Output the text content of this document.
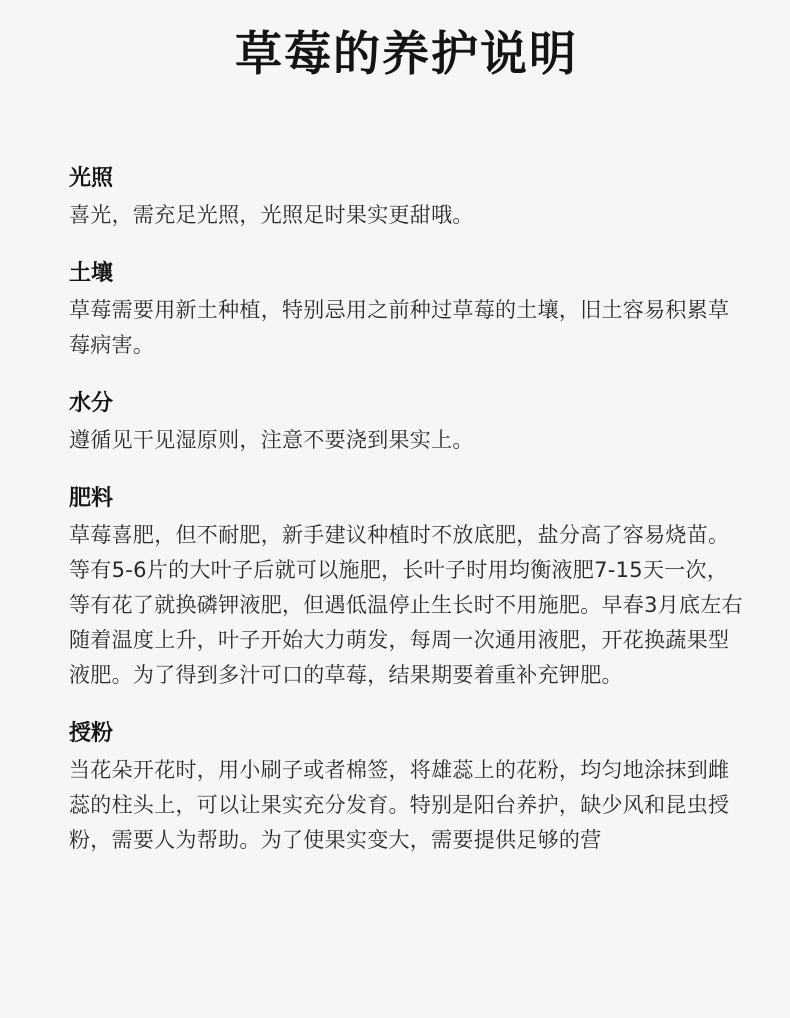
草莓的养护说明
光照

喜光，需充足光照，光照足时果实更甜哦。

土壤

草莓需要用新土种植，特别忌用之前种过草莓的土壤，旧土容易积累草莓病害。

水分

遵循见干见湿原则，注意不要浇到果实上。

肥料

草莓喜肥，但不耐肥，新手建议种植时不放底肥，盐分高了容易烧苗。等有5-6片的大叶子后就可以施肥，长叶子时用均衡液肥7-15天一次，等有花了就换磷钾液肥，但遇低温停止生长时不用施肥。早春3月底左右随着温度上升，叶子开始大力萌发，每周一次通用液肥，开花换蔬果型液肥。为了得到多汁可口的草莓，结果期要着重补充钾肥。

授粉

当花朵开花时，用小刷子或者棉签，将雄蕊上的花粉，均匀地涂抹到雌蕊的柱头上，可以让果实充分发育。特别是阳台养护，缺少风和昆虫授粉，需要人为帮助。为了使果实变大，需要提供足够的营
